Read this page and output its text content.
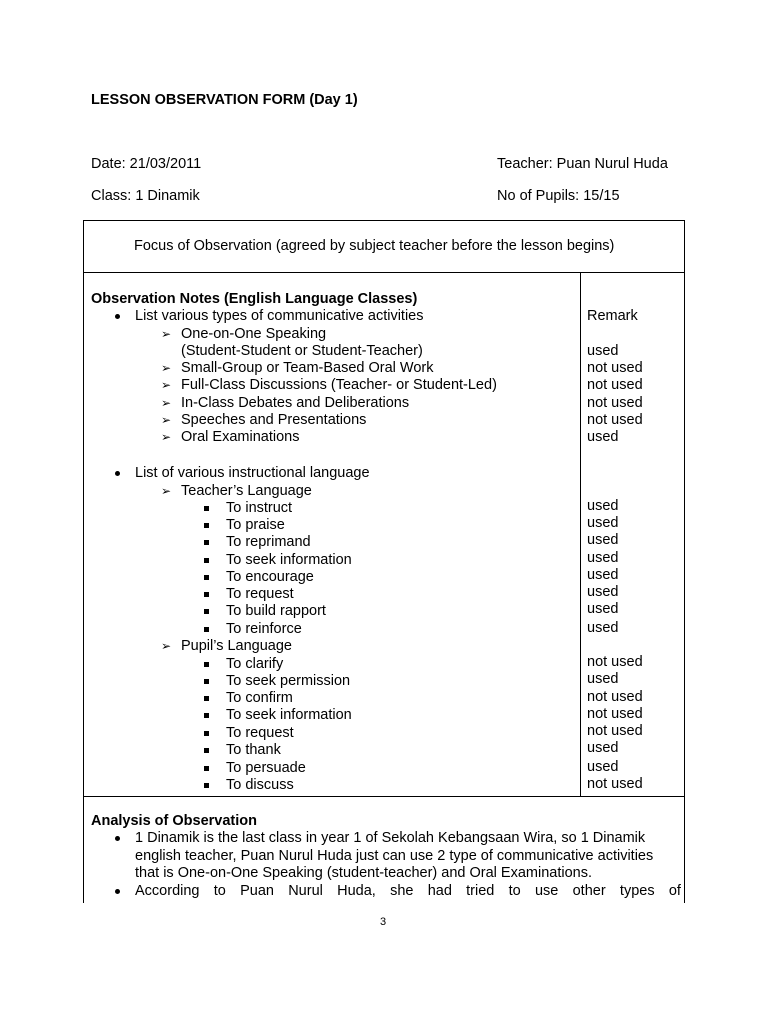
LESSON OBSERVATION FORM (Day 1)
Date: 21/03/2011	Teacher: Puan Nurul Huda
Class: 1 Dinamik	No of Pupils: 15/15
Focus of Observation (agreed by subject teacher before the lesson begins)
Observation Notes (English Language Classes)
Remark
List various types of communicative activities
➢ One-on-One Speaking
(Student-Student or Student-Teacher)	used
➢ Small-Group or Team-Based Oral Work	not used
➢ Full-Class Discussions (Teacher- or Student-Led)	not used
➢ In-Class Debates and Deliberations	not used
➢ Speeches and Presentations	not used
➢ Oral Examinations	used
List of various instructional language
➢ Teacher’s Language
To instruct	used
To praise	used
To reprimand	used
To seek information	used
To encourage	used
To request	used
To build rapport	used
To reinforce	used
➢ Pupil’s Language
To clarify	not used
To seek permission	used
To confirm	not used
To seek information	not used
To request	not used
To thank	used
To persuade	used
To discuss	not used
Analysis of Observation
1 Dinamik is the last class in year 1 of Sekolah Kebangsaan Wira, so 1 Dinamik
english teacher, Puan Nurul Huda just can use 2 type of communicative activities
that is One-on-One Speaking (student-teacher) and Oral Examinations.
According to Puan Nurul Huda, she had tried to use other types of
3
